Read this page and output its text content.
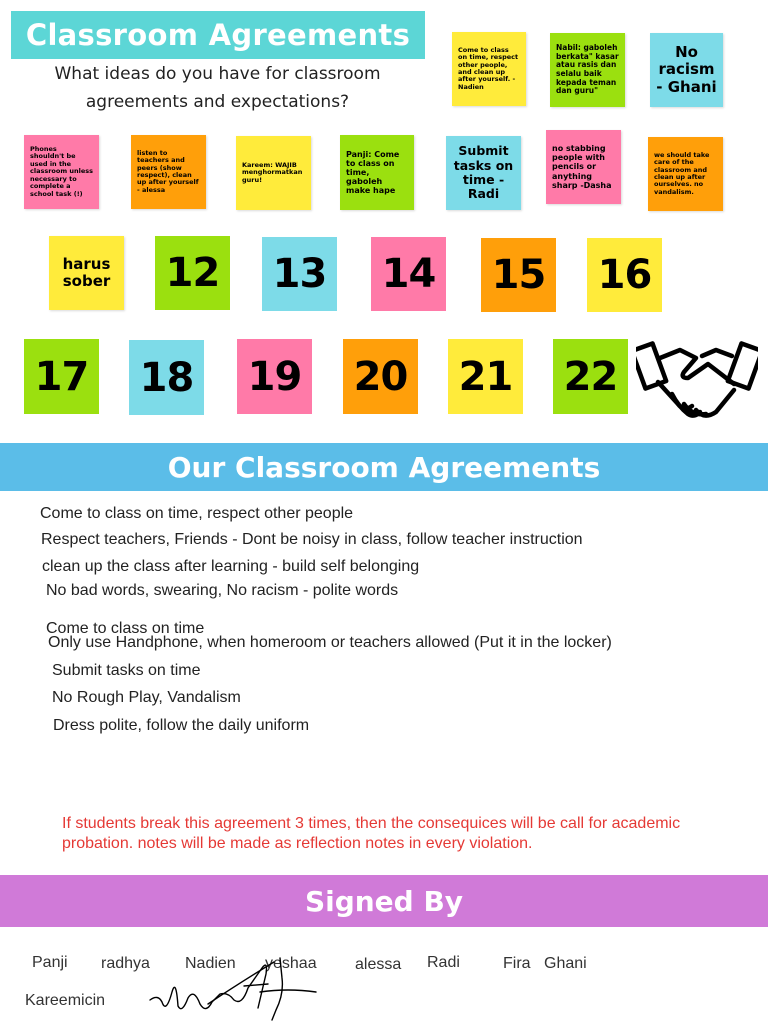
Classroom Agreements
What ideas do you have for classroom agreements and expectations?
Come to class on time, respect other people, and clean up after yourself. - Nadien
Nabil: gaboleh berkata" kasar atau rasis dan selalu baik kepada teman dan guru"
No racism - Ghani
Phones shouldn't be used in the classroom unless necessary to complete a school task (!)
listen to teachers and peers (show respect), clean up after yourself - alessa
Kareem: WAJIB menghormatkan guru!
Panji: Come to class on time, gaboleh make hape
Submit tasks on time - Radi
no stabbing people with pencils or anything sharp -Dasha
we should take care of the classroom and clean up after ourselves. no vandalism.
harus sober	12 13 14 15 16
17 18 19 20 21 22
Our Classroom Agreements
Come to class on time, respect other people
Respect teachers, Friends - Dont be noisy in class, follow teacher instruction
clean up the class after learning - build self belonging
No bad words, swearing, No racism - polite words
Come to class on time
Only use Handphone, when homeroom or teachers allowed (Put it in the locker)
Submit tasks on time
No Rough Play, Vandalism
Dress polite, follow the daily uniform
If students break this agreement 3 times, then the consequices will be call for academic probation. notes will be made as reflection notes in every violation.
Signed By
Panji radhya Nadien yeshaa alessa Radi	Fira Ghani
Kareemicin
